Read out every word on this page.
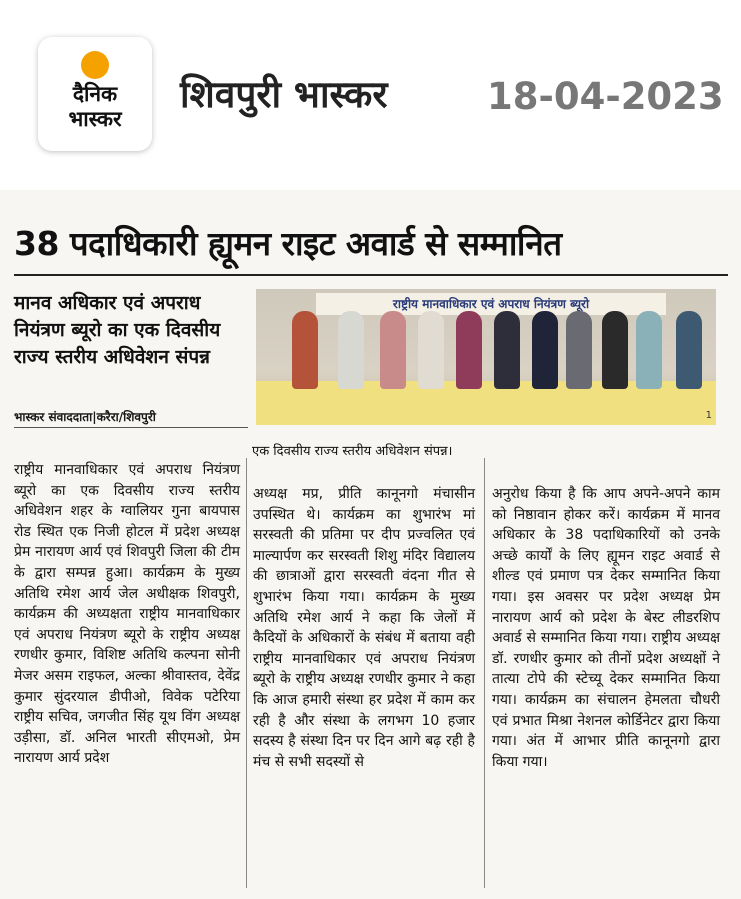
दैनिक
भास्कर
शिवपुरी भास्कर	18-04-2023
38 पदाधिकारी ह्यूमन राइट अवार्ड से सम्मानित
मानव अधिकार एवं अपराध नियंत्रण ब्यूरो का एक दिवसीय राज्य स्तरीय अधिवेशन संपन्न
भास्कर संवाददाता|करैरा/शिवपुरी
राष्ट्रीय मानवाधिकार एवं अपराध नियंत्रण ब्यूरो
1
एक दिवसीय राज्य स्तरीय अधिवेशन संपन्न।
राष्ट्रीय मानवाधिकार एवं अपराध नियंत्रण ब्यूरो का एक दिवसीय राज्य स्तरीय अधिवेशन शहर के ग्वालियर गुना बायपास रोड स्थित एक निजी होटल में प्रदेश अध्यक्ष प्रेम नारायण आर्य एवं शिवपुरी जिला की टीम के द्वारा सम्पन्न हुआ। कार्यक्रम के मुख्य अतिथि रमेश आर्य जेल अधीक्षक शिवपुरी, कार्यक्रम की अध्यक्षता राष्ट्रीय मानवाधिकार एवं अपराध नियंत्रण ब्यूरो के राष्ट्रीय अध्यक्ष रणधीर कुमार, विशिष्ट अतिथि कल्पना सोनी मेजर असम राइफल, अल्का श्रीवास्तव, देवेंद्र कुमार सुंदरयाल डीपीओ, विवेक पटेरिया राष्ट्रीय सचिव, जगजीत सिंह यूथ विंग अध्यक्ष उड़ीसा, डॉ. अनिल भारती सीएमओ, प्रेम नारायण आर्य प्रदेश
अध्यक्ष मप्र, प्रीति कानूनगो मंचासीन उपस्थित थे। कार्यक्रम का शुभारंभ मां सरस्वती की प्रतिमा पर दीप प्रज्वलित एवं माल्यार्पण कर सरस्वती शिशु मंदिर विद्यालय की छात्राओं द्वारा सरस्वती वंदना गीत से शुभारंभ किया गया। कार्यक्रम के मुख्य अतिथि रमेश आर्य ने कहा कि जेलों में कैदियों के अधिकारों के संबंध में बताया वही राष्ट्रीय मानवाधिकार एवं अपराध नियंत्रण ब्यूरो के राष्ट्रीय अध्यक्ष रणधीर कुमार ने कहा कि आज हमारी संस्था हर प्रदेश में काम कर रही है और संस्था के लगभग 10 हजार सदस्य है संस्था दिन पर दिन आगे बढ़ रही है मंच से सभी सदस्यों से
अनुरोध किया है कि आप अपने-अपने काम को निष्ठावान होकर करें। कार्यक्रम में मानव अधिकार के 38 पदाधिकारियों को उनके अच्छे कार्यों के लिए ह्यूमन राइट अवार्ड से शील्ड एवं प्रमाण पत्र देकर सम्मानित किया गया। इस अवसर पर प्रदेश अध्यक्ष प्रेम नारायण आर्य को प्रदेश के बेस्ट लीडरशिप अवार्ड से सम्मानित किया गया। राष्ट्रीय अध्यक्ष डॉ. रणधीर कुमार को तीनों प्रदेश अध्यक्षों ने तात्या टोपे की स्टेच्यू देकर सम्मानित किया गया। कार्यक्रम का संचालन हेमलता चौधरी एवं प्रभात मिश्रा नेशनल कोर्डिनेटर द्वारा किया गया। अंत में आभार प्रीति कानूनगो द्वारा किया गया।
